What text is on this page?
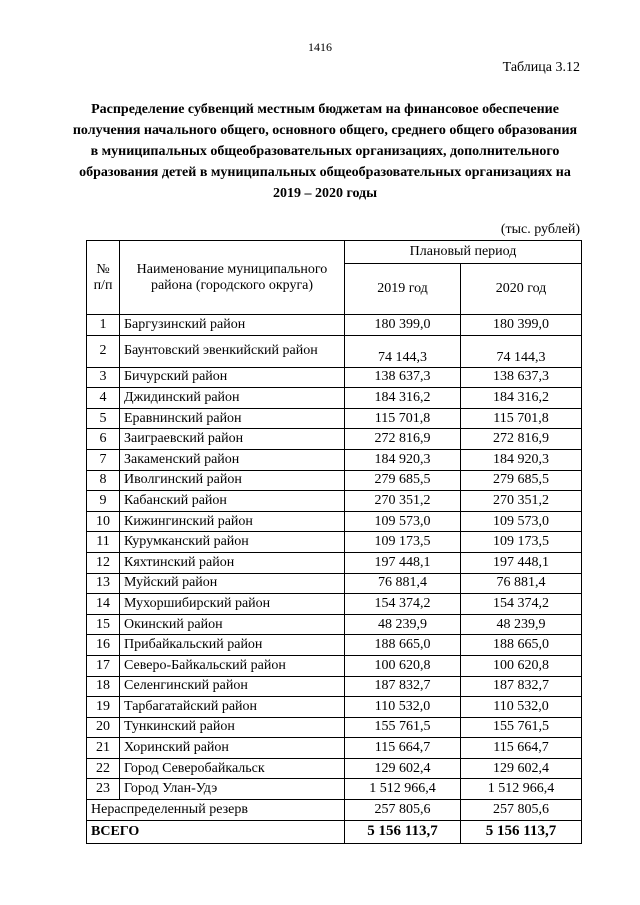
1416
Таблица 3.12
Распределение субвенций местным бюджетам на финансовое обеспечение получения начального общего, основного общего, среднего общего образования в муниципальных общеобразовательных организациях, дополнительного образования детей в муниципальных общеобразовательных организациях на 2019 – 2020 годы
(тыс. рублей)
№ п/п	Наименование муниципального района (городского округа)	Плановый период	
		2019 год	2020 год
1	Баргузинский район	180 399,0	180 399,0
2	Баунтовский эвенкийский район	74 144,3	74 144,3
3	Бичурский район	138 637,3	138 637,3
4	Джидинский район	184 316,2	184 316,2
5	Еравнинский район	115 701,8	115 701,8
6	Заиграевский район	272 816,9	272 816,9
7	Закаменский район	184 920,3	184 920,3
8	Иволгинский район	279 685,5	279 685,5
9	Кабанский район	270 351,2	270 351,2
10	Кижингинский район	109 573,0	109 573,0
11	Курумканский район	109 173,5	109 173,5
12	Кяхтинский район	197 448,1	197 448,1
13	Муйский район	76 881,4	76 881,4
14	Мухоршибирский район	154 374,2	154 374,2
15	Окинский район	48 239,9	48 239,9
16	Прибайкальский район	188 665,0	188 665,0
17	Северо-Байкальский район	100 620,8	100 620,8
18	Селенгинский район	187 832,7	187 832,7
19	Тарбагатайский район	110 532,0	110 532,0
20	Тункинский район	155 761,5	155 761,5
21	Хоринский район	115 664,7	115 664,7
22	Город Северобайкальск	129 602,4	129 602,4
23	Город Улан-Удэ	1 512 966,4	1 512 966,4
Нераспределенный резерв		257 805,6	257 805,6
ВСЕГО		5 156 113,7	5 156 113,7
